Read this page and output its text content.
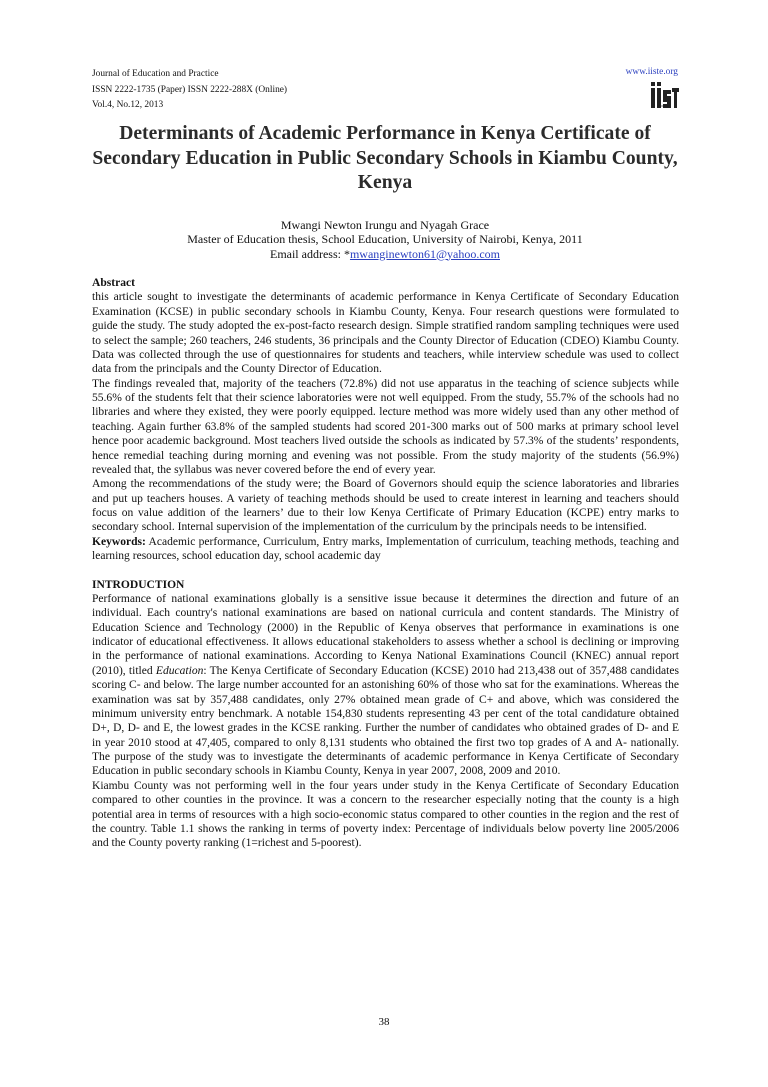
Journal of Education and Practice
ISSN 2222-1735 (Paper) ISSN 2222-288X (Online)
Vol.4, No.12, 2013
www.iiste.org
IISTE
Determinants of Academic Performance in Kenya Certificate of Secondary Education in Public Secondary Schools in Kiambu County, Kenya
Mwangi Newton Irungu and Nyagah Grace
Master of Education thesis, School Education, University of Nairobi, Kenya, 2011
Email address: *mwanginewton61@yahoo.com

Abstract

this article sought to investigate the determinants of academic performance in Kenya Certificate of Secondary Education Examination (KCSE) in public secondary schools in Kiambu County, Kenya. Four research questions were formulated to guide the study. The study adopted the ex-post-facto research design. Simple stratified random sampling techniques were used to select the sample; 260 teachers, 246 students, 36 principals and the County Director of Education (CDEO) Kiambu County. Data was collected through the use of questionnaires for students and teachers, while interview schedule was used to collect data from the principals and the County Director of Education.

The findings revealed that, majority of the teachers (72.8%) did not use apparatus in the teaching of science subjects while 55.6% of the students felt that their science laboratories were not well equipped. From the study, 55.7% of the schools had no libraries and where they existed, they were poorly equipped. lecture method was more widely used than any other method of teaching. Again further 63.8% of the sampled students had scored 201-300 marks out of 500 marks at primary school level hence poor academic background. Most teachers lived outside the schools as indicated by 57.3% of the students’ respondents, hence remedial teaching during morning and evening was not possible. From the study majority of the students (56.9%) revealed that, the syllabus was never covered before the end of every year.

Among the recommendations of the study were; the Board of Governors should equip the science laboratories and libraries and put up teachers houses. A variety of teaching methods should be used to create interest in learning and teachers should focus on value addition of the learners’ due to their low Kenya Certificate of Primary Education (KCPE) entry marks to secondary school. Internal supervision of the implementation of the curriculum by the principals needs to be intensified.

Keywords: Academic performance, Curriculum, Entry marks, Implementation of curriculum, teaching methods, teaching and learning resources, school education day, school academic day

INTRODUCTION

Performance of national examinations globally is a sensitive issue because it determines the direction and future of an individual. Each country's national examinations are based on national curricula and content standards. The Ministry of Education Science and Technology (2000) in the Republic of Kenya observes that performance in examinations is one indicator of educational effectiveness. It allows educational stakeholders to assess whether a school is declining or improving in the performance of national examinations. According to Kenya National Examinations Council (KNEC) annual report (2010), titled Education: The Kenya Certificate of Secondary Education (KCSE) 2010 had 213,438 out of 357,488 candidates scoring C- and below. The large number accounted for an astonishing 60% of those who sat for the examinations. Whereas the examination was sat by 357,488 candidates, only 27% obtained mean grade of C+ and above, which was considered the minimum university entry benchmark. A notable 154,830 students representing 43 per cent of the total candidature obtained D+, D, D- and E, the lowest grades in the KCSE ranking. Further the number of candidates who obtained grades of D- and E in year 2010 stood at 47,405, compared to only 8,131 students who obtained the first two top grades of A and A- nationally. The purpose of the study was to investigate the determinants of academic performance in Kenya Certificate of Secondary Education in public secondary schools in Kiambu County, Kenya in year 2007, 2008, 2009 and 2010.

Kiambu County was not performing well in the four years under study in the Kenya Certificate of Secondary Education compared to other counties in the province. It was a concern to the researcher especially noting that the county is a high potential area in terms of resources with a high socio-economic status compared to other counties in the region and the rest of the country. Table 1.1 shows the ranking in terms of poverty index: Percentage of individuals below poverty line 2005/2006 and the County poverty ranking (1=richest and 5-poorest).

38
